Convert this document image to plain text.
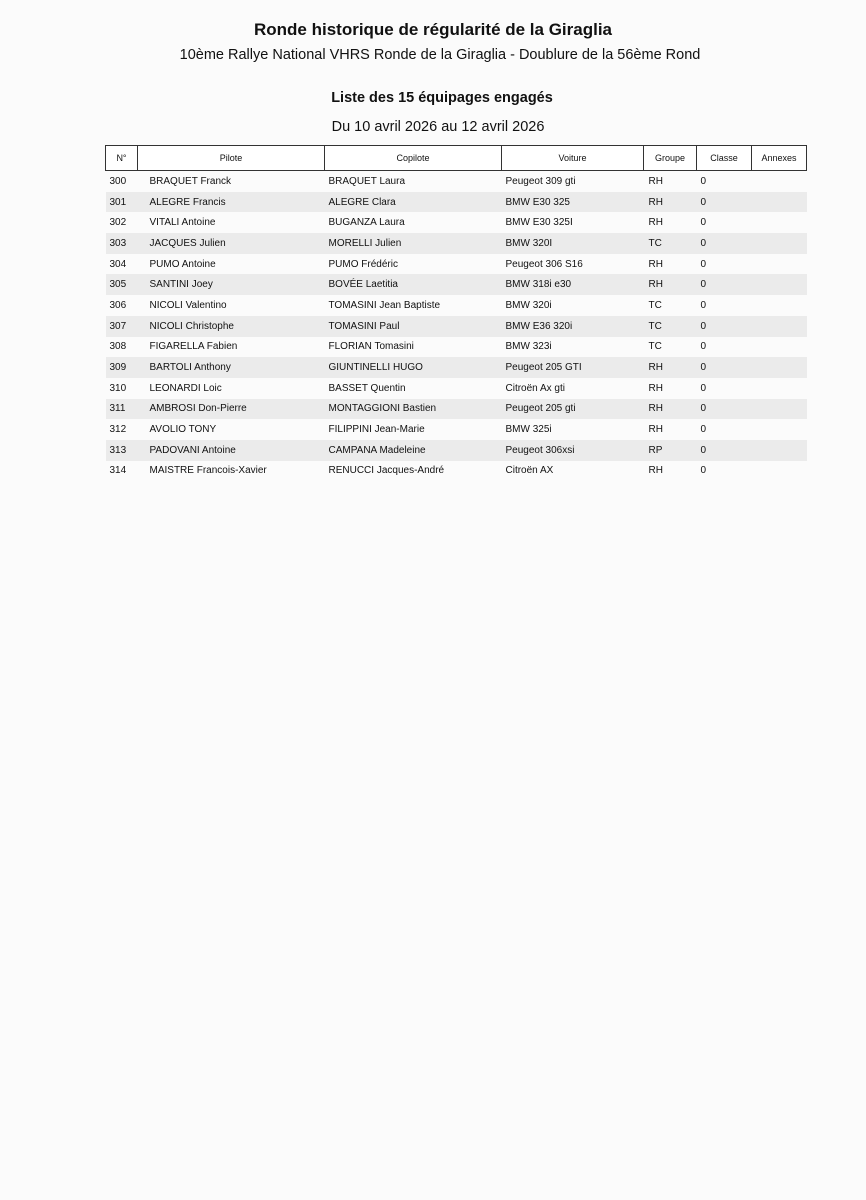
Ronde historique de régularité de la Giraglia
10ème Rallye National VHRS Ronde de la Giraglia - Doublure de la 56ème Rond
Liste des 15 équipages engagés
Du 10 avril 2026 au 12 avril 2026
N°	Pilote	Copilote	Voiture	Groupe	Classe	Annexes
300	BRAQUET Franck	BRAQUET Laura	Peugeot 309 gti	RH	0	
301	ALEGRE Francis	ALEGRE Clara	BMW E30 325	RH	0	
302	VITALI Antoine	BUGANZA Laura	BMW E30 325I	RH	0	
303	JACQUES Julien	MORELLI Julien	BMW 320I	TC	0	
304	PUMO Antoine	PUMO Frédéric	Peugeot 306 S16	RH	0	
305	SANTINI Joey	BOVÉE Laetitia	BMW 318i e30	RH	0	
306	NICOLI Valentino	TOMASINI Jean Baptiste	BMW 320i	TC	0	
307	NICOLI Christophe	TOMASINI Paul	BMW E36 320i	TC	0	
308	FIGARELLA Fabien	FLORIAN Tomasini	BMW 323i	TC	0	
309	BARTOLI Anthony	GIUNTINELLI HUGO	Peugeot 205 GTI	RH	0	
310	LEONARDI Loic	BASSET Quentin	Citroën Ax gti	RH	0	
311	AMBROSI Don-Pierre	MONTAGGIONI Bastien	Peugeot 205 gti	RH	0	
312	AVOLIO TONY	FILIPPINI Jean-Marie	BMW 325i	RH	0	
313	PADOVANI Antoine	CAMPANA Madeleine	Peugeot 306xsi	RP	0	
314	MAISTRE Francois-Xavier	RENUCCI Jacques-André	Citroën AX	RH	0	
